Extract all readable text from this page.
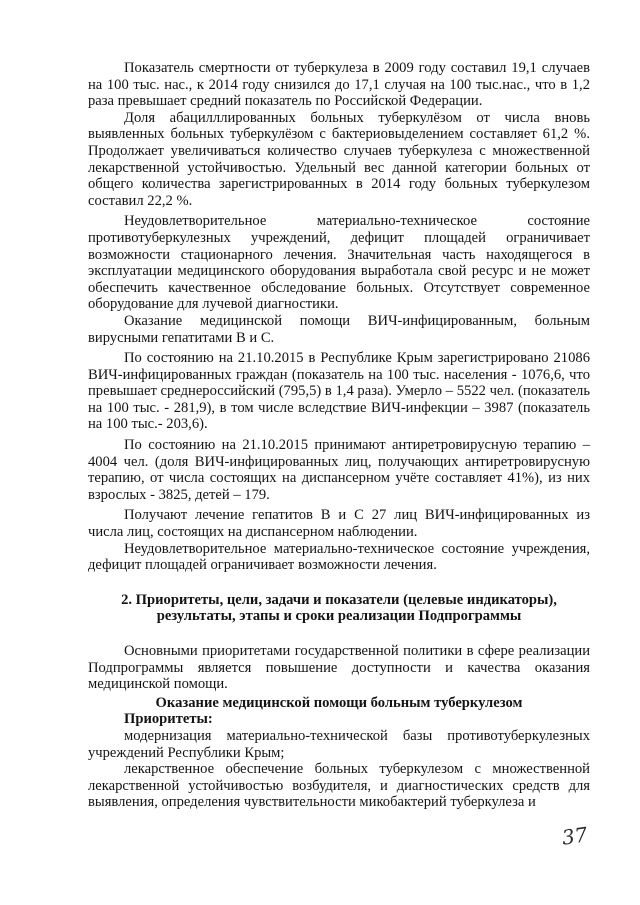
Показатель смертности от туберкулеза в 2009 году составил 19,1 случаев на 100 тыс. нас., к 2014 году снизился до 17,1 случая на 100 тыс.нас., что в 1,2 раза превышает средний показатель по Российской Федерации.

Доля абацилллированных больных туберкулёзом от числа вновь выявленных больных туберкулёзом с бактериовыделением составляет 61,2 %. Продолжает увеличиваться количество случаев туберкулеза с множественной лекарственной устойчивостью. Удельный вес данной категории больных от общего количества зарегистрированных в 2014 году больных туберкулезом составил 22,2 %.

Неудовлетворительное материально-техническое состояние противотуберкулезных учреждений, дефицит площадей ограничивает возможности стационарного лечения. Значительная часть находящегося в эксплуатации медицинского оборудования выработала свой ресурс и не может обеспечить качественное обследование больных. Отсутствует современное оборудование для лучевой диагностики.

Оказание медицинской помощи ВИЧ-инфицированным, больным вирусными гепатитами В и С.

По состоянию на 21.10.2015 в Республике Крым зарегистрировано 21086 ВИЧ-инфицированных граждан (показатель на 100 тыс. населения - 1076,6, что превышает среднероссийский (795,5) в 1,4 раза). Умерло – 5522 чел. (показатель на 100 тыс. - 281,9), в том числе вследствие ВИЧ-инфекции – 3987 (показатель на 100 тыс.- 203,6).

По состоянию на 21.10.2015 принимают антиретровирусную терапию – 4004 чел. (доля ВИЧ-инфицированных лиц, получающих антиретровирусную терапию, от числа состоящих на диспансерном учёте составляет 41%), из них взрослых - 3825, детей – 179.

Получают лечение гепатитов В и С 27 лиц ВИЧ-инфицированных из числа лиц, состоящих на диспансерном наблюдении.

Неудовлетворительное материально-техническое состояние учреждения, дефицит площадей ограничивает возможности лечения.

2. Приоритеты, цели, задачи и показатели (целевые индикаторы), результаты, этапы и сроки реализации Подпрограммы

Основными приоритетами государственной политики в сфере реализации Подпрограммы является повышение доступности и качества оказания медицинской помощи.

Оказание медицинской помощи больным туберкулезом

Приоритеты:

модернизация материально-технической базы противотуберкулезных учреждений Республики Крым;

лекарственное обеспечение больных туберкулезом с множественной лекарственной устойчивостью возбудителя, и диагностических средств для выявления, определения чувствительности микобактерий туберкулеза и

37
